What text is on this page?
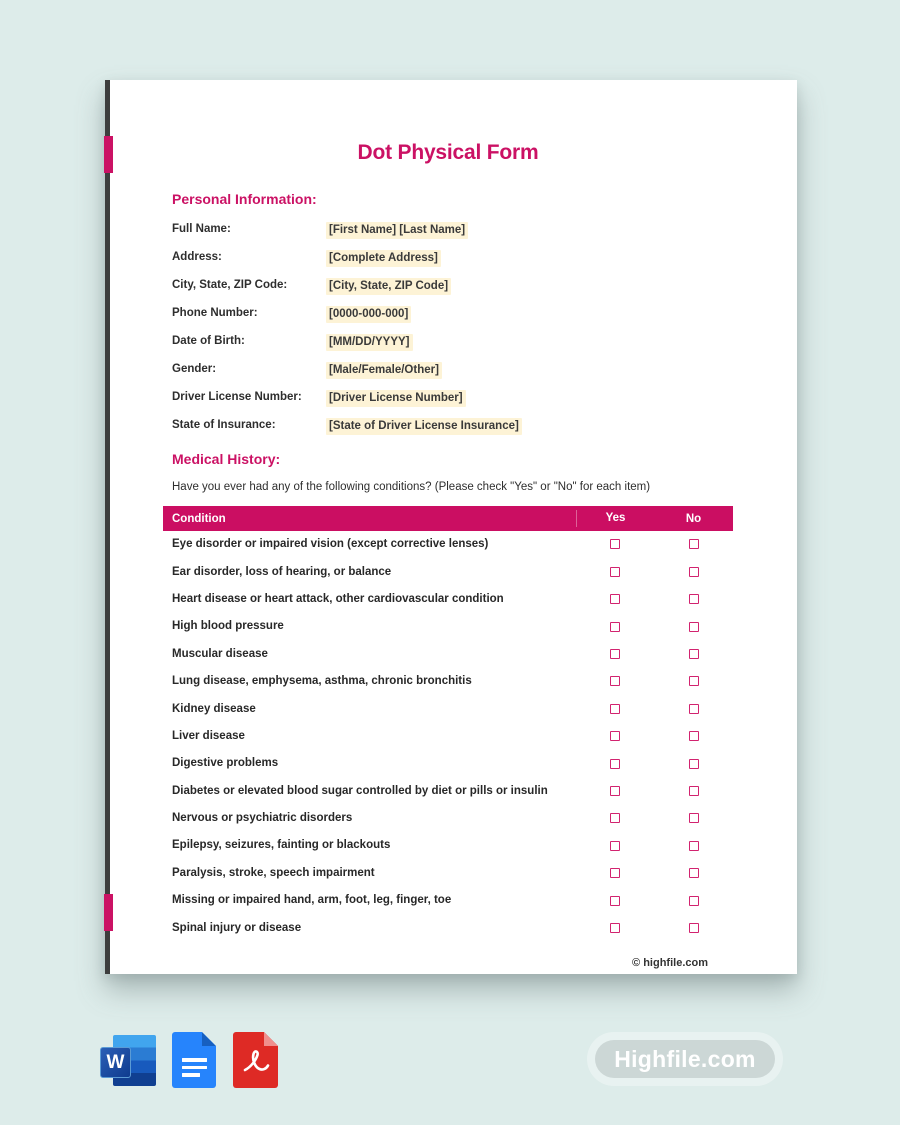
Dot Physical Form
Personal Information:
Full Name:	[First Name] [Last Name]
Address:	[Complete Address]
City, State, ZIP Code:	[City, State, ZIP Code]
Phone Number:	[0000-000-000]
Date of Birth:	[MM/DD/YYYY]
Gender:	[Male/Female/Other]
Driver License Number:	[Driver License Number]
State of Insurance:	[State of Driver License Insurance]
Medical History:
Have you ever had any of the following conditions? (Please check "Yes" or "No" for each item)
Condition	Yes	No
Eye disorder or impaired vision (except corrective lenses)
Ear disorder, loss of hearing, or balance
Heart disease or heart attack, other cardiovascular condition
High blood pressure
Muscular disease
Lung disease, emphysema, asthma, chronic bronchitis
Kidney disease
Liver disease
Digestive problems
Diabetes or elevated blood sugar controlled by diet or pills or insulin
Nervous or psychiatric disorders
Epilepsy, seizures, fainting or blackouts
Paralysis, stroke, speech impairment
Missing or impaired hand, arm, foot, leg, finger, toe
Spinal injury or disease
© highfile.com
W	Highfile.com
